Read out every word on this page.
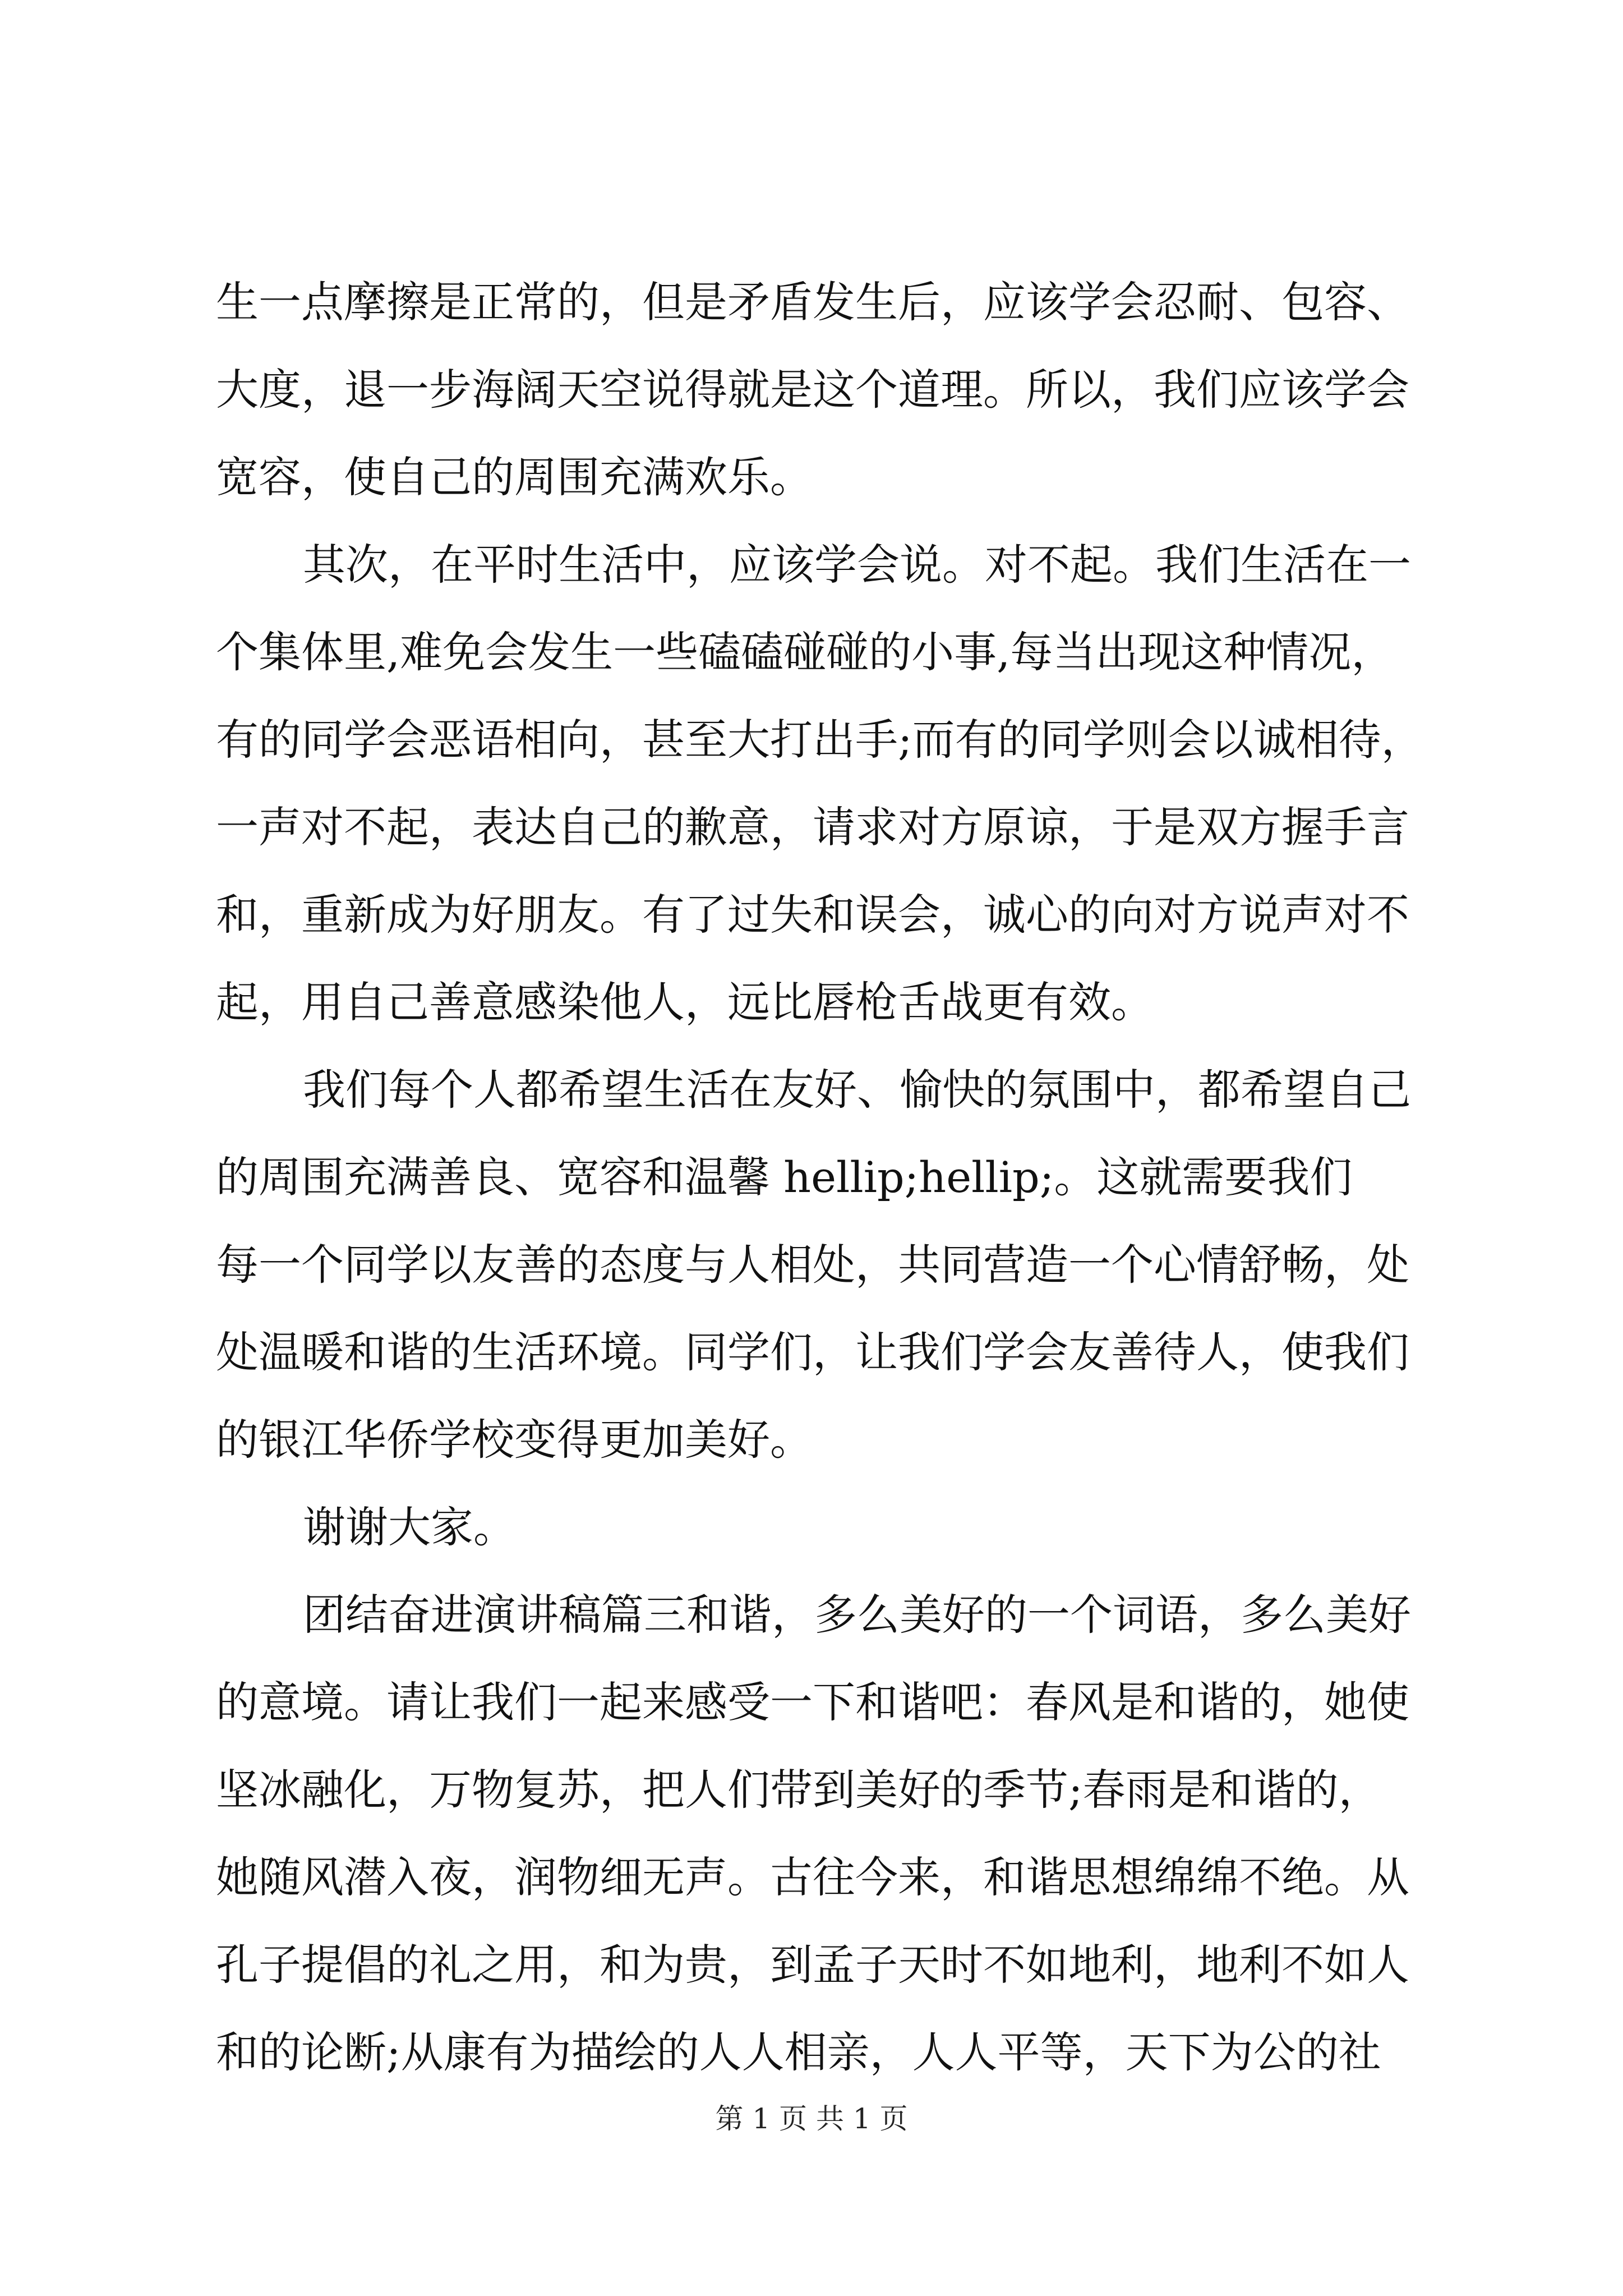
生一点摩擦是正常的，但是矛盾发生后，应该学会忍耐、包容、
大度，退一步海阔天空说得就是这个道理。所以，我们应该学会
宽容，使自己的周围充满欢乐。
其次，在平时生活中，应该学会说。对不起。我们生活在一
个集体里,难免会发生一些磕磕碰碰的小事,每当出现这种情况，
有的同学会恶语相向，甚至大打出手;而有的同学则会以诚相待，
一声对不起，表达自己的歉意，请求对方原谅，于是双方握手言
和，重新成为好朋友。有了过失和误会，诚心的向对方说声对不
起，用自己善意感染他人，远比唇枪舌战更有效。
我们每个人都希望生活在友好、愉快的氛围中，都希望自己
的周围充满善良、宽容和温馨 hellip;hellip;。这就需要我们
每一个同学以友善的态度与人相处，共同营造一个心情舒畅，处
处温暖和谐的生活环境。同学们，让我们学会友善待人，使我们
的银江华侨学校变得更加美好。
谢谢大家。
团结奋进演讲稿篇三和谐，多么美好的一个词语，多么美好
的意境。请让我们一起来感受一下和谐吧：春风是和谐的，她使
坚冰融化，万物复苏，把人们带到美好的季节;春雨是和谐的，
她随风潜入夜，润物细无声。古往今来，和谐思想绵绵不绝。从
孔子提倡的礼之用，和为贵，到孟子天时不如地利，地利不如人
和的论断;从康有为描绘的人人相亲，人人平等，天下为公的社
第 1 页 共 1 页
